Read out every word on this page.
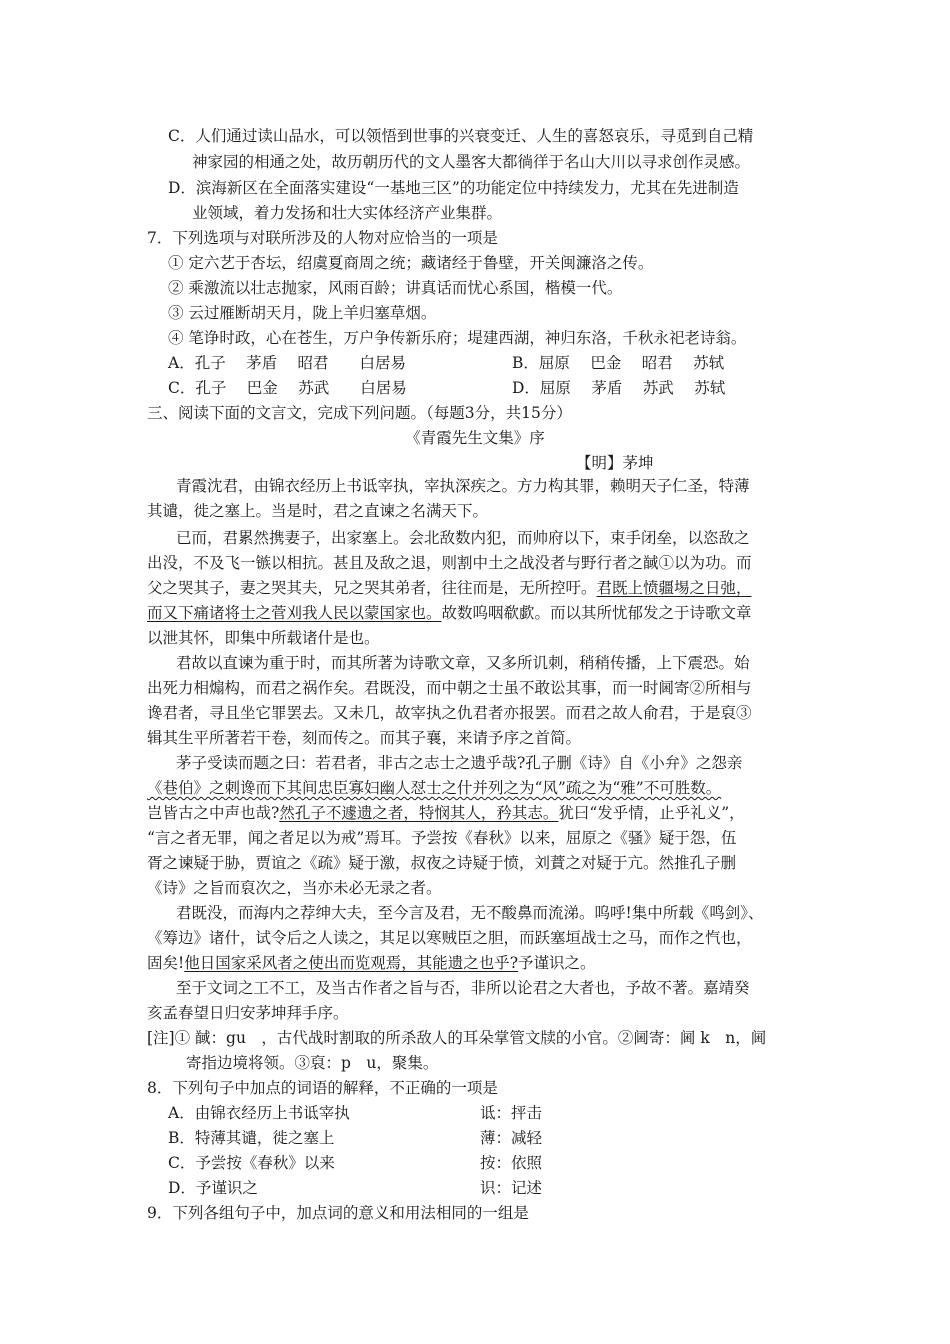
C．人们通过读山品水，可以领悟到世事的兴衰变迁、人生的喜怒哀乐，寻觅到自己精
神家园的相通之处，故历朝历代的文人墨客大都徜徉于名山大川以寻求创作灵感。
D．滨海新区在全面落实建设“一基地三区”的功能定位中持续发力，尤其在先进制造
业领域，着力发扬和壮大实体经济产业集群。
7．下列选项与对联所涉及的人物对应恰当的一项是
① 定六艺于杏坛，绍虞夏商周之统；藏诸经于鲁壁，开关闽濂洛之传。
② 乘激流以壮志抛家，风雨百龄；讲真话而忧心系国，楷模一代。
③ 云过雁断胡天月，陇上羊归塞草烟。
④ 笔诤时政，心在苍生，万户争传新乐府；堤建西湖，神归东洛，千秋永祀老诗翁。
A．孔子　 茅盾　 昭君　　白居易	B．屈原　 巴金　 昭君　 苏轼
C．孔子　 巴金　 苏武　　白居易	D．屈原　 茅盾　 苏武　 苏轼
三、阅读下面的文言文，完成下列问题。（每题3分，共15分）
《青霞先生文集》序
【明】茅坤
青霞沈君，由锦衣经历上书诋宰执，宰执深疾之。方力构其罪，赖明天子仁圣，特薄
其谴，徙之塞上。当是时，君之直谏之名满天下。
已而，君累然携妻子，出家塞上。会北敌数内犯，而帅府以下，束手闭垒，以恣敌之
出没，不及飞一镞以相抗。甚且及敌之退，则割中土之战没者与野行者之馘①以为功。而
父之哭其子，妻之哭其夫，兄之哭其弟者，往往而是，无所控吁。君既上愤疆埸之日弛，
而又下痛诸将士之菅刈我人民以蒙国家也。故数呜咽欷歔。而以其所忧郁发之于诗歌文章
以泄其怀，即集中所载诸什是也。
君故以直谏为重于时，而其所著为诗歌文章，又多所讥刺，稍稍传播，上下震恐。始
出死力相煽构，而君之祸作矣。君既没，而中朝之士虽不敢讼其事，而一时阃寄②所相与
谗君者，寻且坐它罪罢去。又未几，故宰执之仇君者亦报罢。而君之故人俞君，于是裒③
辑其生平所著若干卷，刻而传之。而其子襄，来请予序之首简。
茅子受读而题之曰：若君者，非古之志士之遗乎哉?孔子删《诗》自《小弁》之怨亲
《巷伯》之刺谗而下其间忠臣寡妇幽人怼士之什并列之为“风”疏之为“雅”不可胜数。
岂皆古之中声也哉?然孔子不遽遗之者，特悯其人，矜其志。犹曰“发乎情，止乎礼义”，
“言之者无罪，闻之者足以为戒”焉耳。予尝按《春秋》以来，屈原之《骚》疑于怨，伍
胥之谏疑于胁，贾谊之《疏》疑于激，叔夜之诗疑于愤，刘蕡之对疑于亢。然推孔子删
《诗》之旨而裒次之，当亦未必无录之者。
君既没，而海内之荐绅大夫，至今言及君，无不酸鼻而流涕。呜呼!集中所载《鸣剑》、
《筹边》诸什，试令后之人读之，其足以寒贼臣之胆，而跃塞垣战士之马，而作之忾也，
固矣!他日国家采风者之使出而览观焉，其能遗之也乎?予谨识之。
至于文词之工不工，及当古作者之旨与否，非所以论君之大者也，予故不著。嘉靖癸
亥孟春望日归安茅坤拜手序。
[注]① 馘：gu　，古代战时割取的所杀敌人的耳朵掌管文牍的小官。②阃寄：阃 k　n，阃
寄指边境将领。③裒：p　u，聚集。
8．下列句子中加点的词语的解释，不正确的一项是
A．由锦衣经历上书诋宰执	诋：抨击
B．特薄其谴，徙之塞上	薄：减轻
C．予尝按《春秋》以来	按：依照
D．予谨识之	识：记述
9．下列各组句子中，加点词的意义和用法相同的一组是
